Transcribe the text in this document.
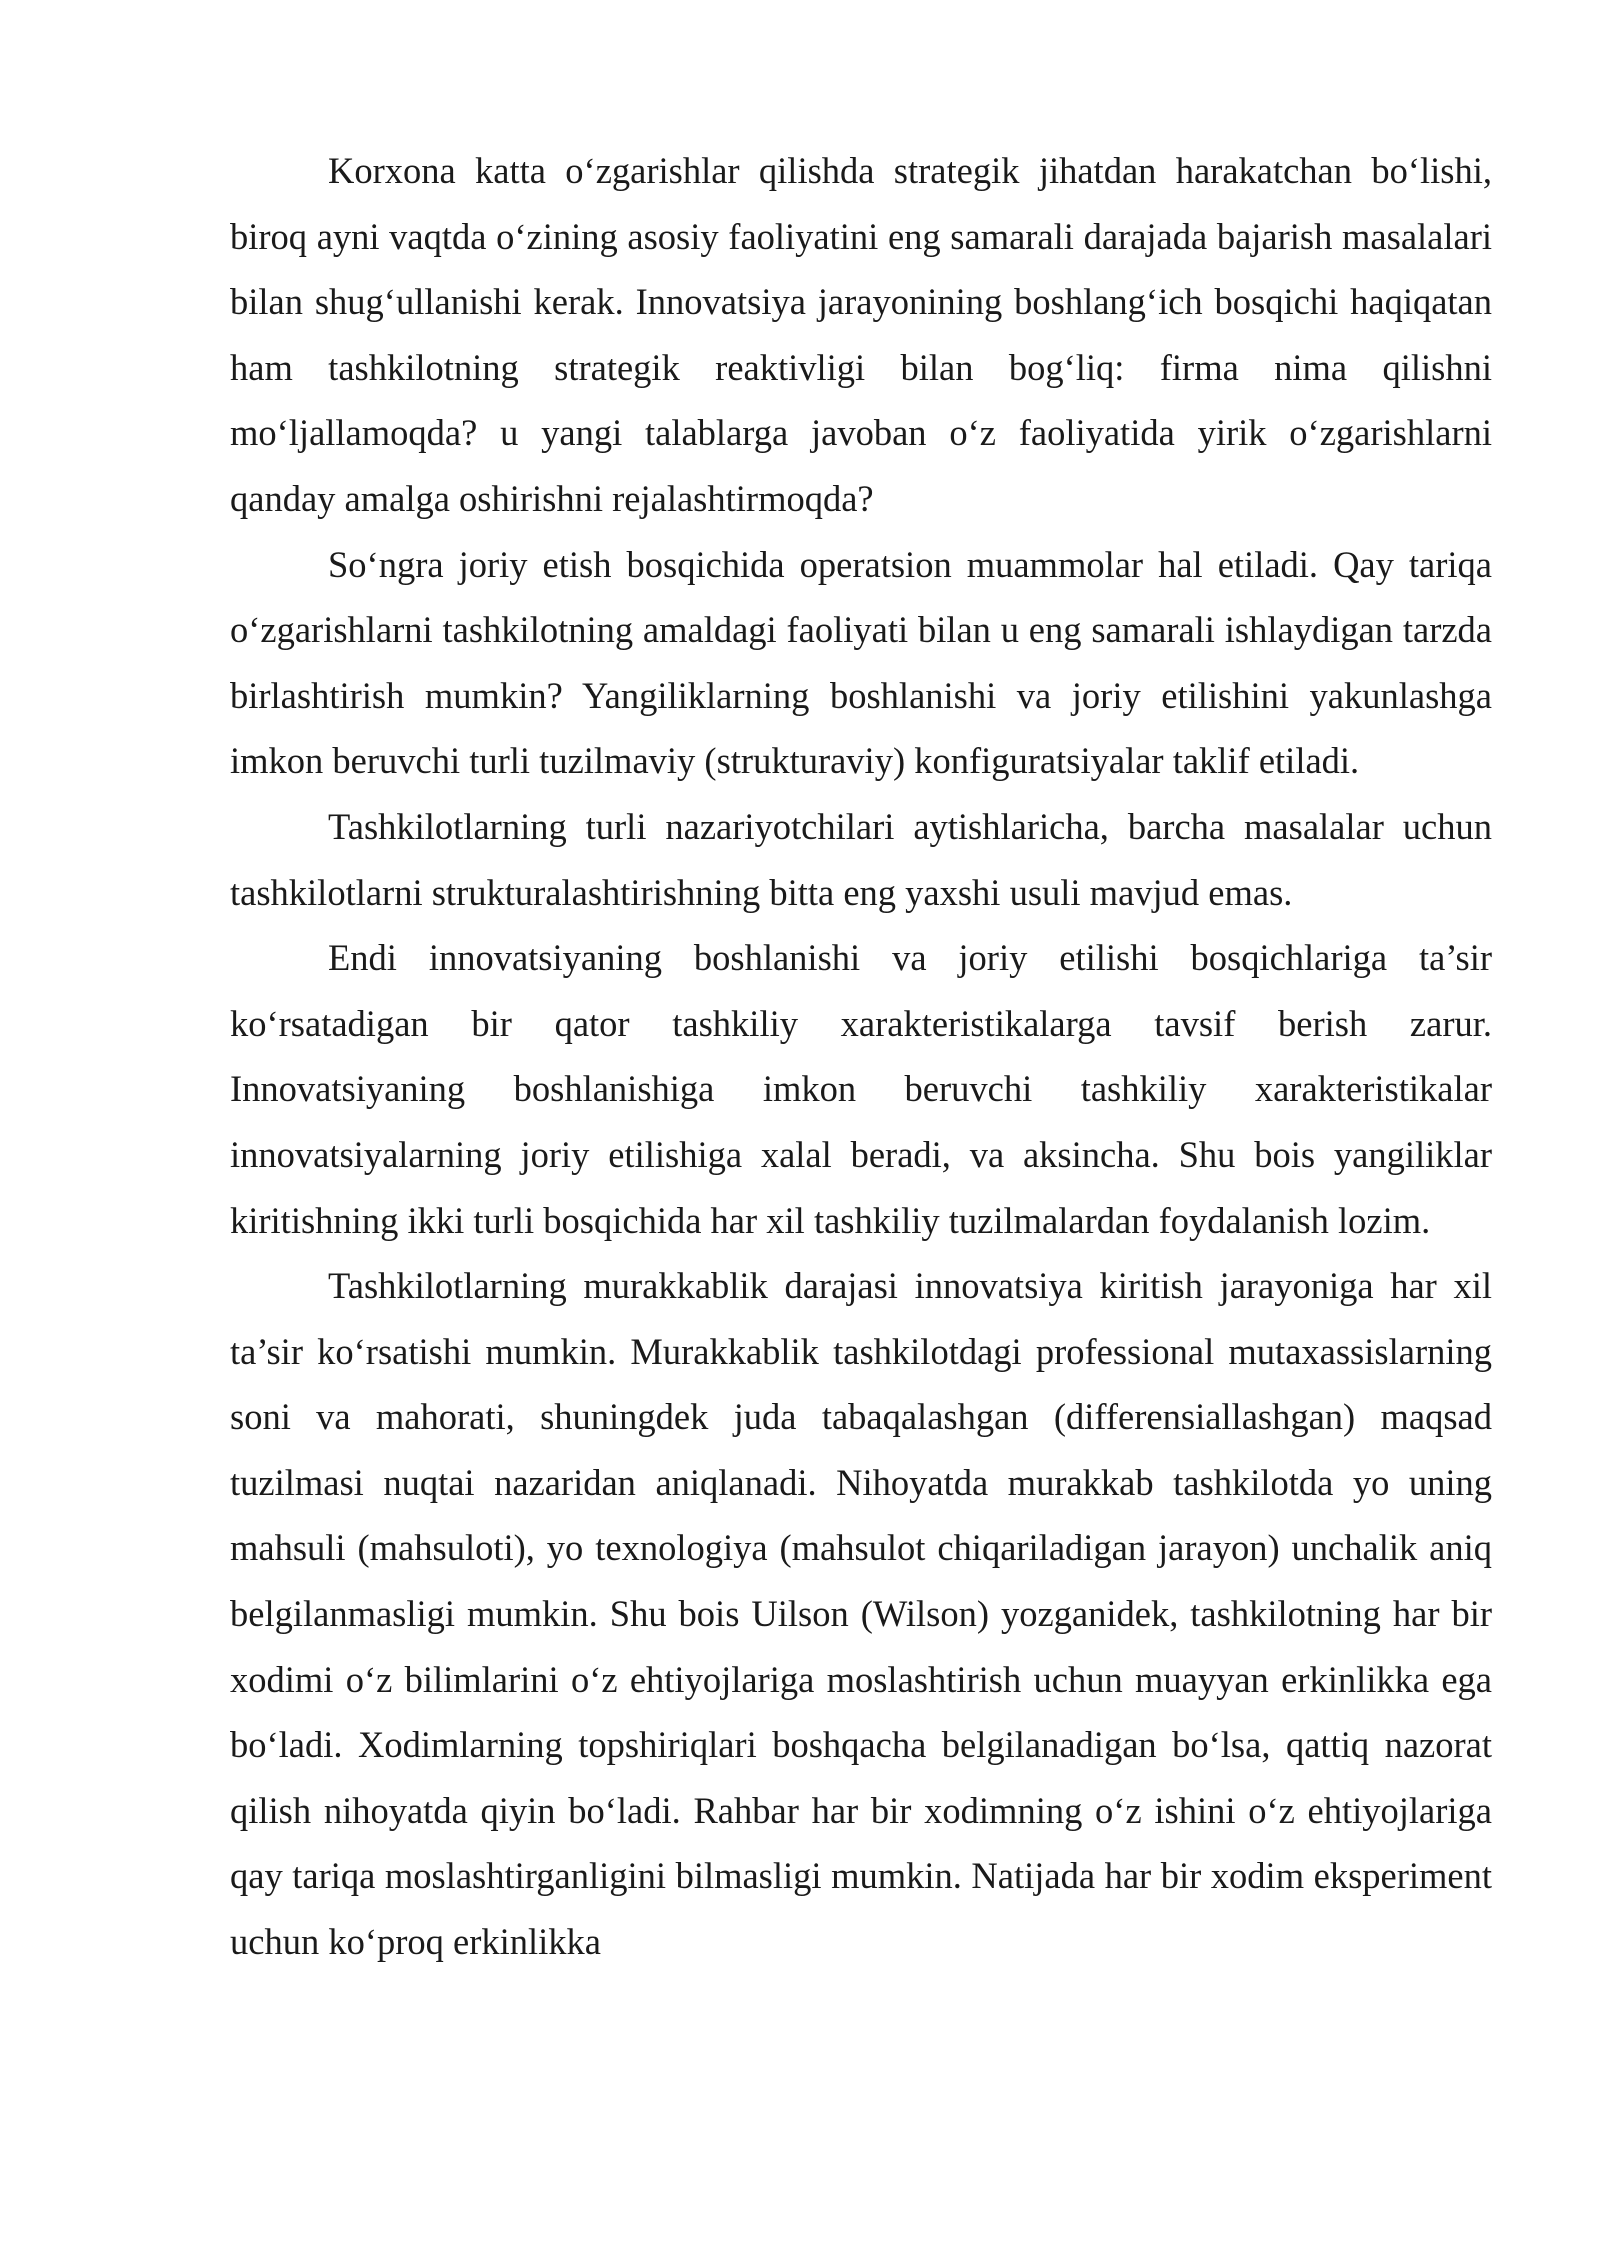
Korxona katta o‘zgarishlar qilishda strategik jihatdan harakatchan bo‘lishi, biroq ayni vaqtda o‘zining asosiy faoliyatini eng samarali darajada bajarish masalalari bilan shug‘ullanishi kerak. Innovatsiya jarayonining boshlang‘ich bosqichi haqiqatan ham tashkilotning strategik reaktivligi bilan bog‘liq: firma nima qilishni mo‘ljallamoqda? u yangi talablarga javoban o‘z faoliyatida yirik o‘zgarishlarni qanday amalga oshirishni rejalashtirmoqda?

So‘ngra joriy etish bosqichida operatsion muammolar hal etiladi. Qay tariqa o‘zgarishlarni tashkilotning amaldagi faoliyati bilan u eng samarali ishlaydigan tarzda birlashtirish mumkin? Yangiliklarning boshlanishi va joriy etilishini yakunlashga imkon beruvchi turli tuzilmaviy (strukturaviy) konfiguratsiyalar taklif etiladi.

Tashkilotlarning turli nazariyotchilari aytishlaricha, barcha masalalar uchun tashkilotlarni strukturalashtirishning bitta eng yaxshi usuli mavjud emas.

Endi innovatsiyaning boshlanishi va joriy etilishi bosqichlariga ta’sir ko‘rsatadigan bir qator tashkiliy xarakteristikalarga tavsif berish zarur. Innovatsiyaning boshlanishiga imkon beruvchi tashkiliy xarakteristikalar innovatsiyalarning joriy etilishiga xalal beradi, va aksincha. Shu bois yangiliklar kiritishning ikki turli bosqichida har xil tashkiliy tuzilmalardan foydalanish lozim.

Tashkilotlarning murakkablik darajasi innovatsiya kiritish jarayoniga har xil ta’sir ko‘rsatishi mumkin. Murakkablik tashkilotdagi professional mutaxassislarning soni va mahorati, shuningdek juda tabaqalashgan (differensiallashgan) maqsad tuzilmasi nuqtai nazaridan aniqlanadi. Nihoyatda murakkab tashkilotda yo uning mahsuli (mahsuloti), yo texnologiya (mahsulot chiqariladigan jarayon) unchalik aniq belgilanmasligi mumkin. Shu bois Uilson (Wilson) yozganidek, tashkilotning har bir xodimi o‘z bilimlarini o‘z ehtiyojlariga moslashtirish uchun muayyan erkinlikka ega bo‘ladi. Xodimlarning topshiriqlari boshqacha belgilanadigan bo‘lsa, qattiq nazorat qilish nihoyatda qiyin bo‘ladi. Rahbar har bir xodimning o‘z ishini o‘z ehtiyojlariga qay tariqa moslashtirganligini bilmasligi mumkin. Natijada har bir xodim eksperiment uchun ko‘proq erkinlikka
